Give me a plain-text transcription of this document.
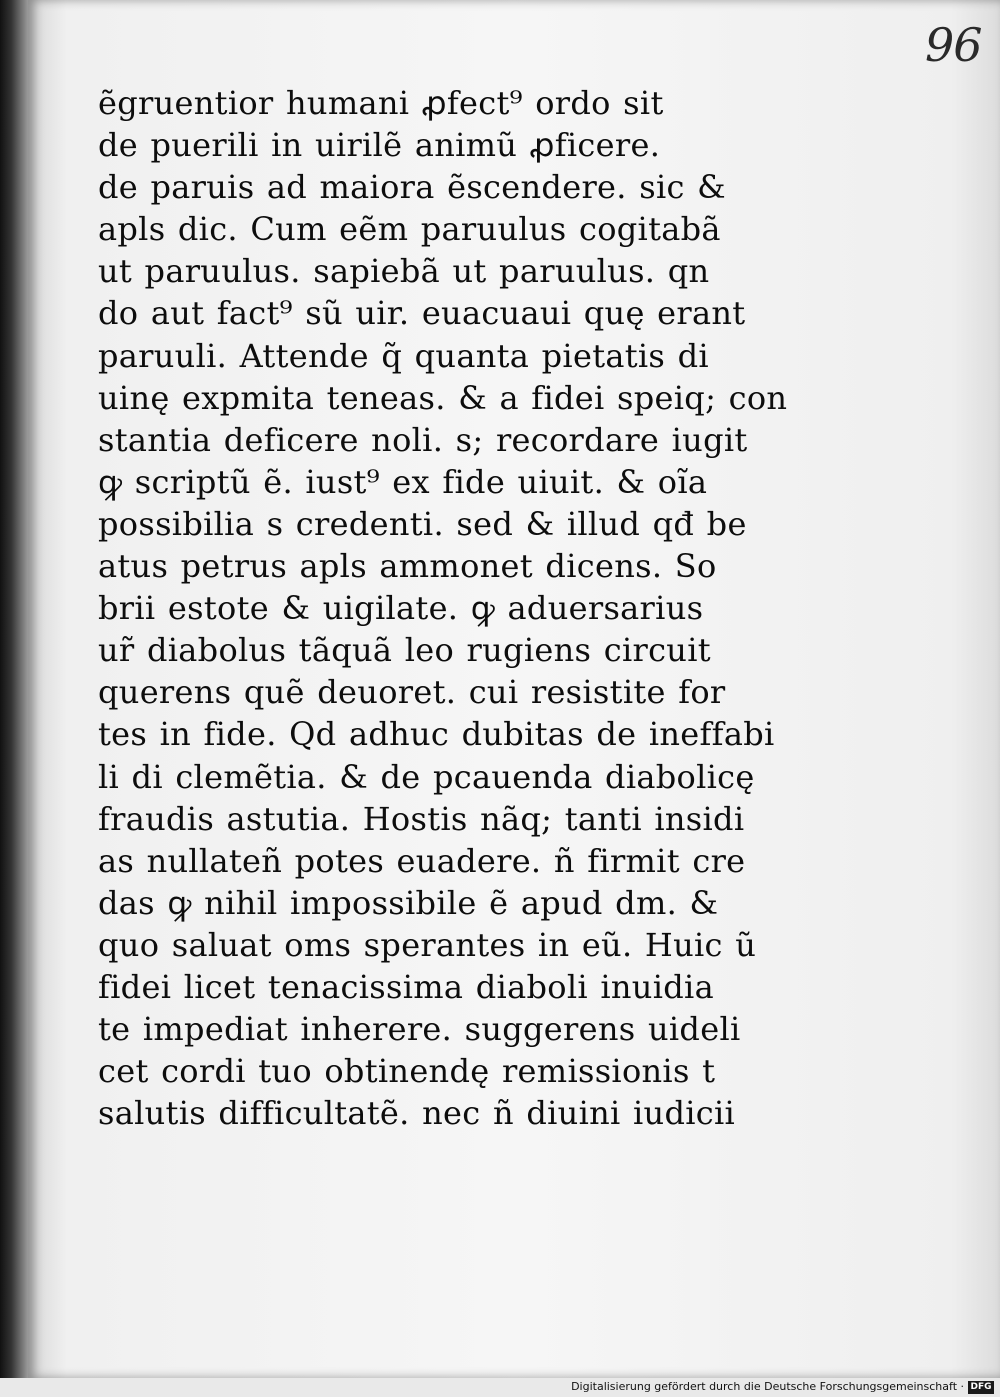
96
ẽgruentior humani ꝓfect⁹ ordo sit
de puerili in uirilẽ animũ ꝓficere.
de paruis ad maiora ẽscendere. sic &
apls dic. Cum eẽm paruulus cogitabã
ut paruulus. sapiebã ut paruulus. qn
do aut fact⁹ sũ uir. euacuaui quę erant
paruuli. Attende q̃ quanta pietatis di
uinę expmita teneas. & a fidei speiq; con
stantia deficere noli. s; recordare iugit
ꝙ scriptũ ẽ. iust⁹ ex fide uiuit. & oĩa
possibilia s credenti. sed & illud qđ be
atus petrus apls ammonet dicens. So
brii estote & uigilate. ꝙ aduersarius
ur̃ diabolus tãquã leo rugiens circuit
querens quẽ deuoret. cui resistite for
tes in fide. Qd adhuc dubitas de ineffabi
li di clemẽtia. & de pcauenda diabolicę
fraudis astutia. Hostis nãq; tanti insidi
as nullateñ potes euadere. ñ firmit cre
das ꝙ nihil impossibile ẽ apud dm. &
quo saluat oms sperantes in eũ. Huic ũ
fidei licet tenacissima diaboli inuidia
te impediat inherere. suggerens uideli
cet cordi tuo obtinendę remissionis t
salutis difficultatẽ. nec ñ diuini iudicii
Digitalisierung gefördert durch die Deutsche Forschungsgemeinschaft · DFG
